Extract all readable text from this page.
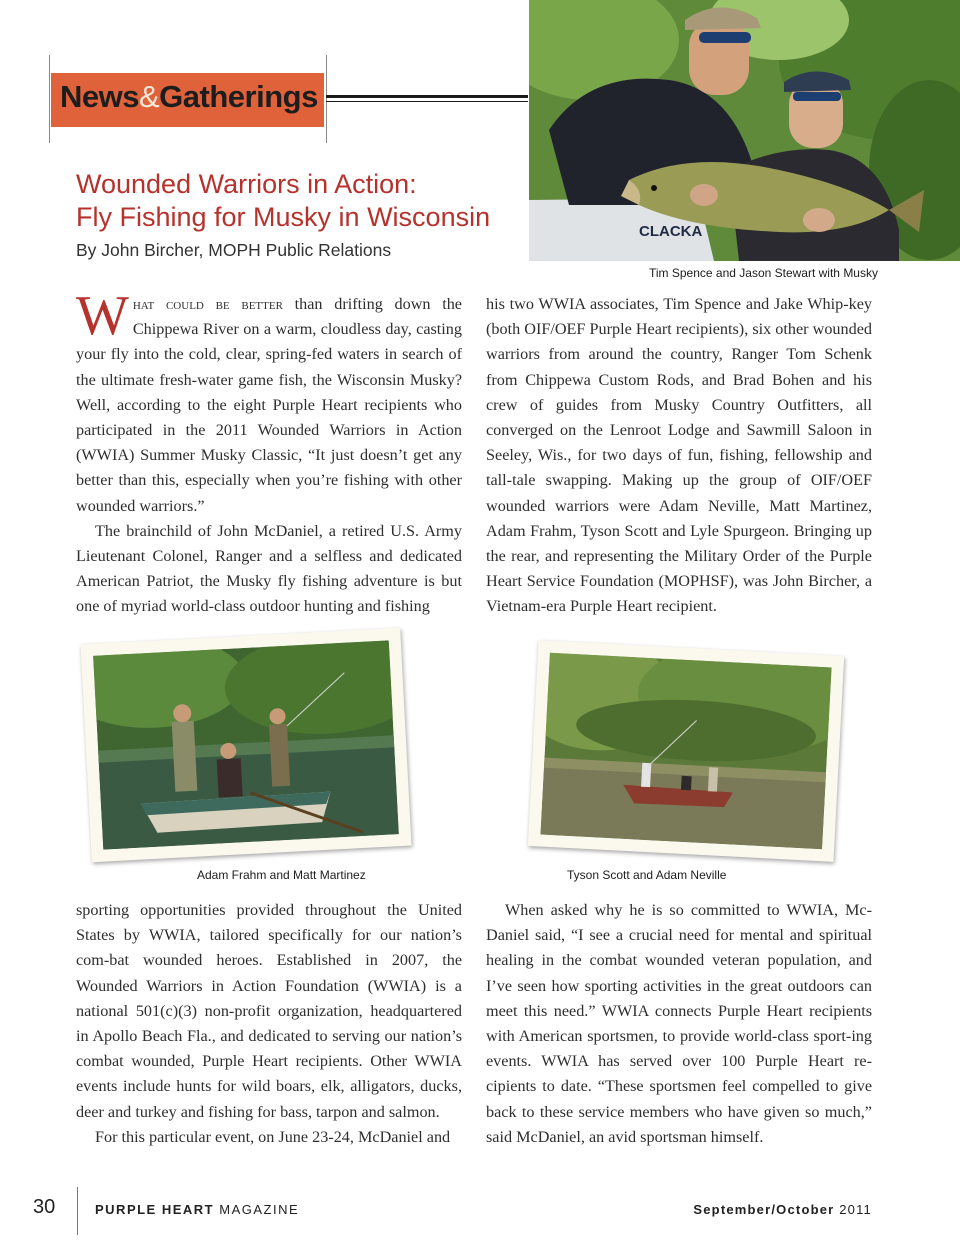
News&Gatherings
Wounded Warriors in Action:
Fly Fishing for Musky in Wisconsin
By John Bircher, MOPH Public Relations
CLACKA
Tim Spence and Jason Stewart with Musky

What could be better than drifting down the Chippewa River on a warm, cloudless day, casting your fly into the cold, clear, spring-fed waters in search of the ultimate fresh-water game fish, the Wisconsin Musky? Well, according to the eight Purple Heart recipients who participated in the 2011 Wounded Warriors in Action (WWIA) Summer Musky Classic, “It just doesn’t get any better than this, especially when you’re fishing with other wounded warriors.”

The brainchild of John McDaniel, a retired U.S. Army Lieutenant Colonel, Ranger and a selfless and dedicated American Patriot, the Musky fly fishing adventure is but one of myriad world-class outdoor hunting and fishing

his two WWIA associates, Tim Spence and Jake Whip-key (both OIF/OEF Purple Heart recipients), six other wounded warriors from around the country, Ranger Tom Schenk from Chippewa Custom Rods, and Brad Bohen and his crew of guides from Musky Country Outfitters, all converged on the Lenroot Lodge and Sawmill Saloon in Seeley, Wis., for two days of fun, fishing, fellowship and tall-tale swapping. Making up the group of OIF/OEF wounded warriors were Adam Neville, Matt Martinez, Adam Frahm, Tyson Scott and Lyle Spurgeon. Bringing up the rear, and representing the Military Order of the Purple Heart Service Foundation (MOPHSF), was John Bircher, a Vietnam-era Purple Heart recipient.

Adam Frahm and Matt Martinez	Tyson Scott and Adam Neville

sporting opportunities provided throughout the United States by WWIA, tailored specifically for our nation’s com-bat wounded heroes. Established in 2007, the Wounded Warriors in Action Foundation (WWIA) is a national 501(c)(3) non-profit organization, headquartered in Apollo Beach Fla., and dedicated to serving our nation’s combat wounded, Purple Heart recipients. Other WWIA events include hunts for wild boars, elk, alligators, ducks, deer and turkey and fishing for bass, tarpon and salmon.

For this particular event, on June 23-24, McDaniel and

When asked why he is so committed to WWIA, Mc-Daniel said, “I see a crucial need for mental and spiritual healing in the combat wounded veteran population, and I’ve seen how sporting activities in the great outdoors can meet this need.” WWIA connects Purple Heart recipients with American sportsmen, to provide world-class sport-ing events. WWIA has served over 100 Purple Heart re-cipients to date. “These sportsmen feel compelled to give back to these service members who have given so much,” said McDaniel, an avid sportsman himself.

30	PURPLE HEART MAGAZINE	September/October 2011
